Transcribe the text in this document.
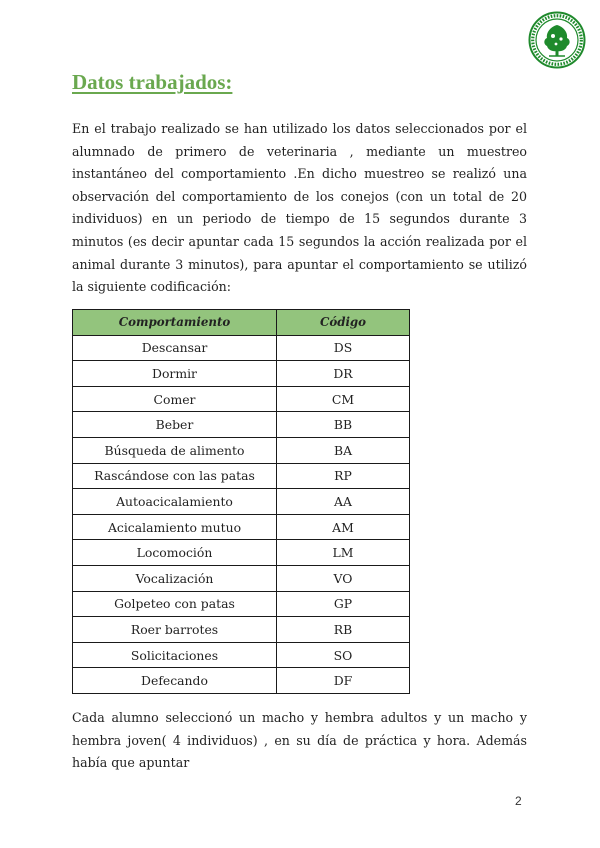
Datos trabajados:

En el trabajo realizado se han utilizado los datos seleccionados por el alumnado de primero de veterinaria , mediante un muestreo instantáneo del comportamiento .En dicho muestreo se realizó una observación del comportamiento de los conejos (con un total de 20 individuos) en un periodo de tiempo de 15 segundos durante 3 minutos (es decir apuntar cada 15 segundos la acción realizada por el animal durante 3 minutos), para apuntar el comportamiento se utilizó la siguiente codificación:

Comportamiento	Código
Descansar	DS
Dormir	DR
Comer	CM
Beber	BB
Búsqueda de alimento	BA
Rascándose con las patas	RP
Autoacicalamiento	AA
Acicalamiento mutuo	AM
Locomoción	LM
Vocalización	VO
Golpeteo con patas	GP
Roer barrotes	RB
Solicitaciones	SO
Defecando	DF

Cada alumno seleccionó un macho y hembra adultos y un macho y hembra joven( 4 individuos) , en su día de práctica y hora. Además había que apuntar

2
